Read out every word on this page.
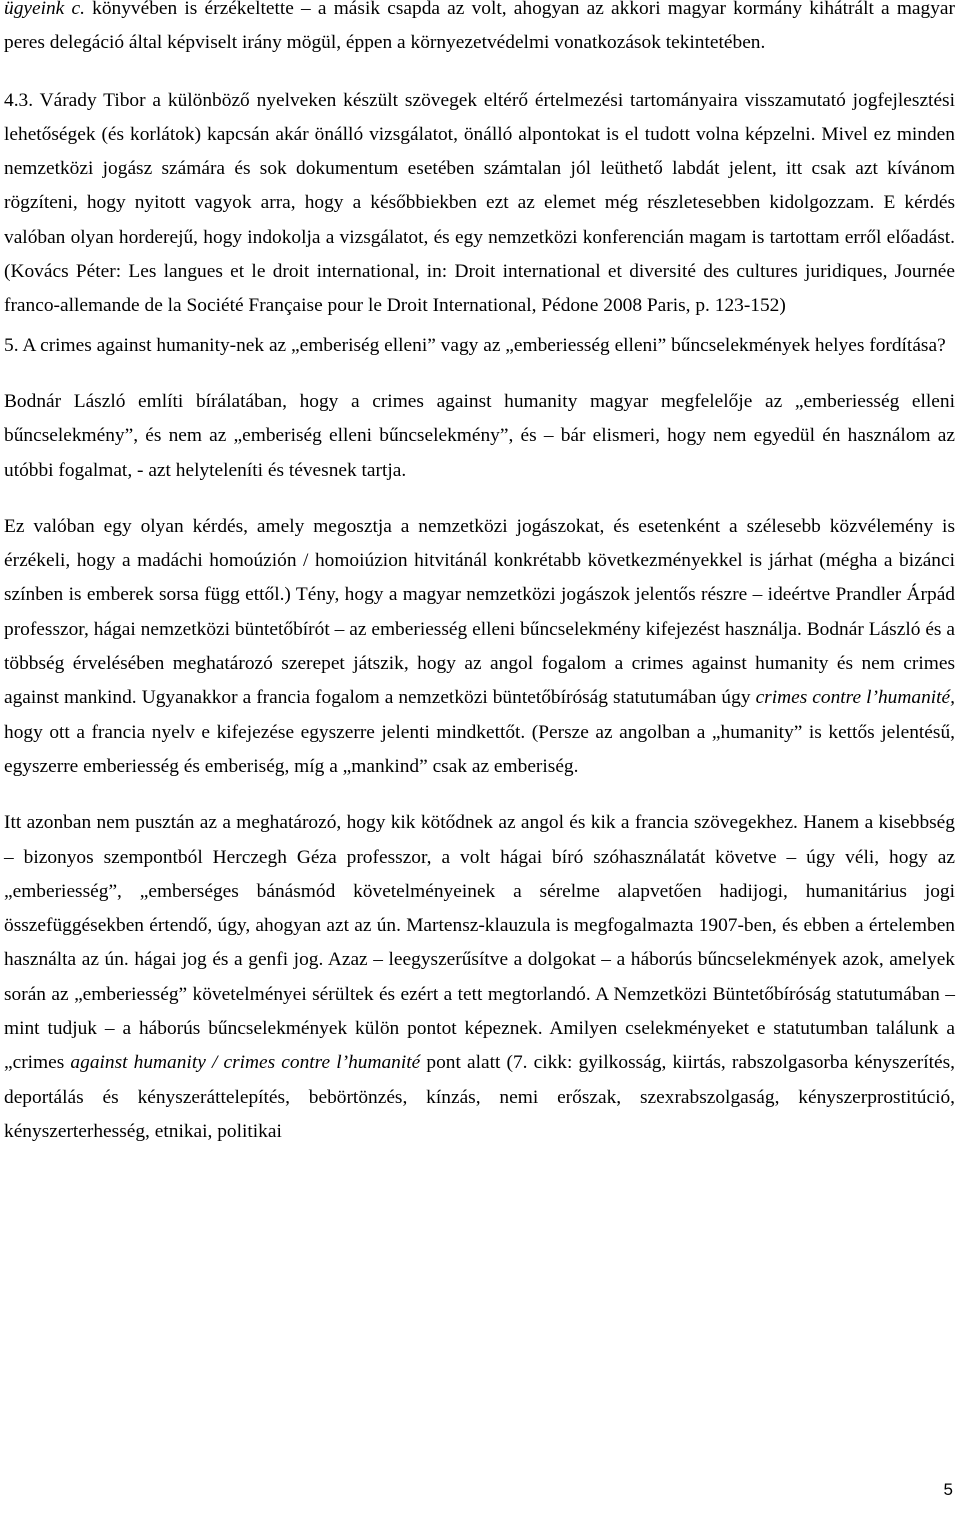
ügyeink c. könyvében is érzékeltette – a másik csapda az volt, ahogyan az akkori magyar kormány kihátrált a magyar peres delegáció által képviselt irány mögül, éppen a környezetvédelmi vonatkozások tekintetében.

4.3. Várady Tibor a különböző nyelveken készült szövegek eltérő értelmezési tartományaira visszamutató jogfejlesztési lehetőségek (és korlátok) kapcsán akár önálló vizsgálatot, önálló alpontokat is el tudott volna képzelni. Mivel ez minden nemzetközi jogász számára és sok dokumentum esetében számtalan jól leüthető labdát jelent, itt csak azt kívánom rögzíteni, hogy nyitott vagyok arra, hogy a későbbiekben ezt az elemet még részletesebben kidolgozzam. E kérdés valóban olyan horderejű, hogy indokolja a vizsgálatot, és egy nemzetközi konferencián magam is tartottam erről előadást. (Kovács Péter: Les langues et le droit international, in: Droit international et diversité des cultures juridiques, Journée franco-allemande de la Société Française pour le Droit International, Pédone 2008 Paris, p. 123-152)

5. A crimes against humanity-nek az „emberiség elleni” vagy az „emberiesség elleni” bűncselekmények helyes fordítása?

Bodnár László említi bírálatában, hogy a crimes against humanity magyar megfelelője az „emberiesség elleni bűncselekmény”, és nem az „emberiség elleni bűncselekmény”, és – bár elismeri, hogy nem egyedül én használom az utóbbi fogalmat, - azt helyteleníti és tévesnek tartja.

Ez valóban egy olyan kérdés, amely megosztja a nemzetközi jogászokat, és esetenként a szélesebb közvélemény is érzékeli, hogy a madáchi homoúzión / homoiúzion hitvitánál konkrétabb következményekkel is járhat (mégha a bizánci színben is emberek sorsa függ ettől.) Tény, hogy a magyar nemzetközi jogászok jelentős részre – ideértve Prandler Árpád professzor, hágai nemzetközi büntetőbírót – az emberiesség elleni bűncselekmény kifejezést használja. Bodnár László és a többség érvelésében meghatározó szerepet játszik, hogy az angol fogalom a crimes against humanity és nem crimes against mankind. Ugyanakkor a francia fogalom a nemzetközi büntetőbíróság statutumában úgy crimes contre l’humanité, hogy ott a francia nyelv e kifejezése egyszerre jelenti mindkettőt. (Persze az angolban a „humanity” is kettős jelentésű, egyszerre emberiesség és emberiség, míg a „mankind” csak az emberiség.

Itt azonban nem pusztán az a meghatározó, hogy kik kötődnek az angol és kik a francia szövegekhez. Hanem a kisebbség – bizonyos szempontból Herczegh Géza professzor, a volt hágai bíró szóhasználatát követve – úgy véli, hogy az „emberiesség”, „emberséges bánásmód követelményeinek a sérelme alapvetően hadijogi, humanitárius jogi összefüggésekben értendő, úgy, ahogyan azt az ún. Martensz-klauzula is megfogalmazta 1907-ben, és ebben a értelemben használta az ún. hágai jog és a genfi jog. Azaz – leegyszerűsítve a dolgokat – a háborús bűncselekmények azok, amelyek során az „emberiesség” követelményei sérültek és ezért a tett megtorlandó. A Nemzetközi Büntetőbíróság statutumában – mint tudjuk – a háborús bűncselekmények külön pontot képeznek. Amilyen cselekményeket e statutumban találunk a „crimes against humanity / crimes contre l’humanité pont alatt (7. cikk: gyilkosság, kiirtás, rabszolgasorba kényszerítés, deportálás és kényszeráttelepítés, bebörtönzés, kínzás, nemi erőszak, szexrabszolgaság, kényszerprostitúció, kényszerterhesség, etnikai, politikai

5
